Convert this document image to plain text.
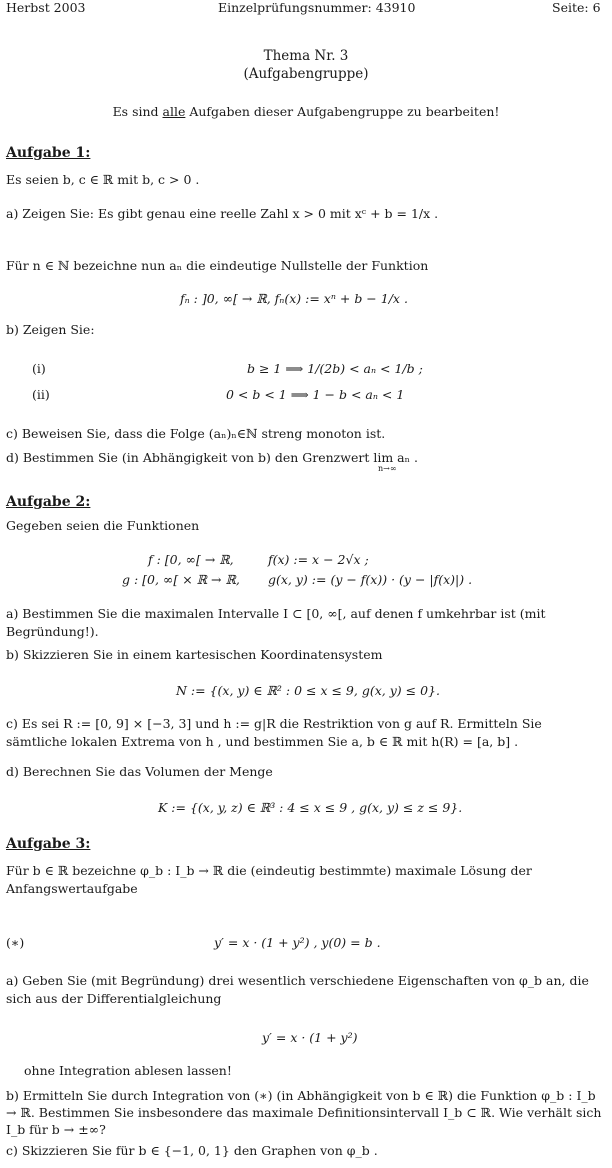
Herbst 2003	Einzelprüfungsnummer: 43910	Seite: 6
Thema Nr. 3
(Aufgabengruppe)
Es sind alle Aufgaben dieser Aufgabengruppe zu bearbeiten!
Aufgabe 1:
Es seien b, c ∈ ℝ mit b, c > 0 .
a) Zeigen Sie: Es gibt genau eine reelle Zahl x > 0 mit xᶜ + b = 1/x .
Für n ∈ ℕ bezeichne nun aₙ die eindeutige Nullstelle der Funktion
fₙ : ]0, ∞[ → ℝ, fₙ(x) := xⁿ + b − 1/x .
b) Zeigen Sie:
(i)	b ≥ 1 ⟹ 1/(2b) < aₙ < 1/b ;
(ii)	0 < b < 1 ⟹ 1 − b < aₙ < 1
c) Beweisen Sie, dass die Folge (aₙ)ₙ∈ℕ streng monoton ist.
d) Bestimmen Sie (in Abhängigkeit von b) den Grenzwert lim aₙ .
n→∞
Aufgabe 2:
Gegeben seien die Funktionen
f : [0, ∞[ → ℝ,	f(x) := x − 2√x ;
g : [0, ∞[ × ℝ → ℝ, g(x, y) := (y − f(x)) · (y − |f(x)|) .
a) Bestimmen Sie die maximalen Intervalle I ⊂ [0, ∞[, auf denen f umkehrbar ist (mit Begründung!).
b) Skizzieren Sie in einem kartesischen Koordinatensystem
N := {(x, y) ∈ ℝ² : 0 ≤ x ≤ 9, g(x, y) ≤ 0}.
c) Es sei R := [0, 9] × [−3, 3] und h := g|R die Restriktion von g auf R. Ermitteln Sie sämtliche lokalen Extrema von h , und bestimmen Sie a, b ∈ ℝ mit h(R) = [a, b] .
d) Berechnen Sie das Volumen der Menge
K := {(x, y, z) ∈ ℝ³ : 4 ≤ x ≤ 9 , g(x, y) ≤ z ≤ 9}.
Aufgabe 3:
Für b ∈ ℝ bezeichne φ_b : I_b → ℝ die (eindeutig bestimmte) maximale Lösung der Anfangswertaufgabe
(∗)	y′ = x · (1 + y²) , y(0) = b .
a) Geben Sie (mit Begründung) drei wesentlich verschiedene Eigenschaften von φ_b an, die sich aus der Differentialgleichung
y′ = x · (1 + y²)
ohne Integration ablesen lassen!
b) Ermitteln Sie durch Integration von (∗) (in Abhängigkeit von b ∈ ℝ) die Funktion φ_b : I_b → ℝ. Bestimmen Sie insbesondere das maximale Definitionsintervall I_b ⊂ ℝ. Wie verhält sich I_b für b → ±∞?
c) Skizzieren Sie für b ∈ {−1, 0, 1} den Graphen von φ_b .
